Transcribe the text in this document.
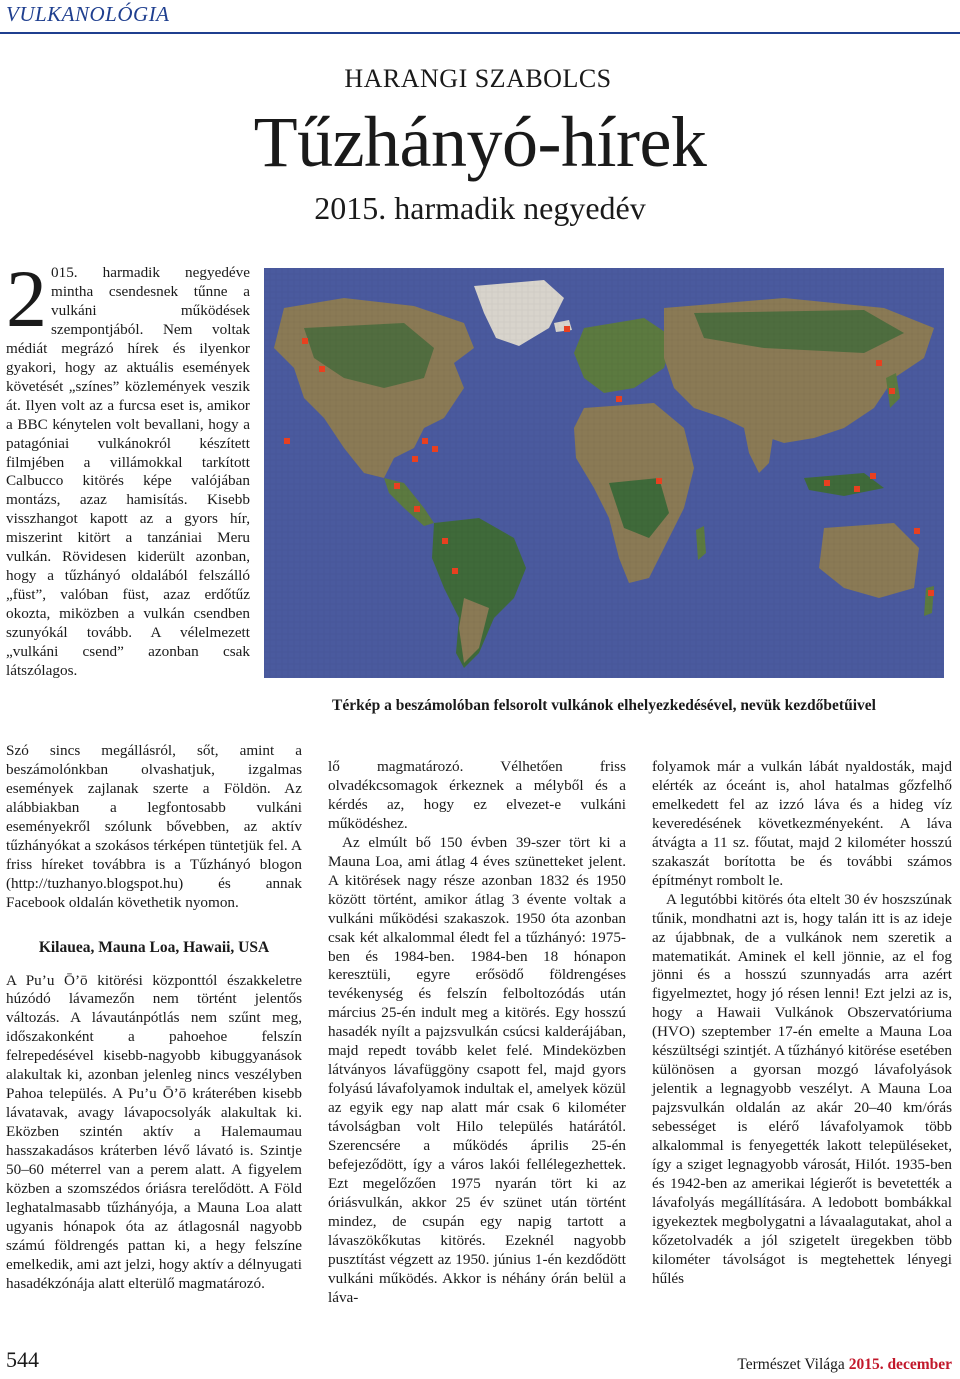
VULKANOLÓGIA
HARANGI SZABOLCS
Tűzhányó-hírek
2015. harmadik negyedév
2 015. harmadik negyedéve mintha csendesnek tűnne a vulkáni működések szempontjából. Nem voltak médiát megrázó hírek és ilyenkor gyakori, hogy az aktuális események követését „színes” közlemények veszik át. Ilyen volt az a furcsa eset is, amikor a BBC kénytelen volt bevallani, hogy a patagóniai vulkánokról készített filmjében a villámokkal tarkított Calbucco kitörés képe valójában montázs, azaz hamisítás. Kisebb visszhangot kapott az a gyors hír, miszerint kitört a tanzániai Meru vulkán. Rövidesen kiderült azonban, hogy a tűzhányó oldalából felszálló „füst”, valóban füst, azaz erdőtűz okozta, miközben a vulkán csendben szunyókál tovább. A vélelmezett „vulkáni csend” azonban csak látszólagos.
Térkép a beszámolóban felsorolt vulkánok elhelyezkedésével, nevük kezdőbetűivel

Szó sincs megállásról, sőt, amint a beszámolónkban olvashatjuk, izgalmas események zajlanak szerte a Földön. Az alábbiakban a legfontosabb vulkáni eseményekről szólunk bővebben, az aktív tűzhányókat a szokásos térképen tüntetjük fel. A friss híreket továbbra is a Tűzhányó blogon (http://tuzhanyo.blogspot.hu) és annak Facebook oldalán követhetik nyomon.

Kilauea, Mauna Loa, Hawaii, USA

A Pu’u Ō’ō kitörési központtól északkeletre húzódó lávamezőn nem történt jelentős változás. A lávautánpótlás nem szűnt meg, időszakonként a pahoehoe felszín felrepedésével kisebb-nagyobb kibuggyanások alakultak ki, azonban jelenleg nincs veszélyben Pahoa település. A Pu’u Ō’ō kráterében kisebb lávatavak, avagy lávapocsolyák alakultak ki. Eközben szintén aktív a Halemaumau hasszakadásos kráterben lévő lávató is. Szintje 50–60 méterrel van a perem alatt. A figyelem közben a szomszédos óriásra terelődött. A Föld leghatalmasabb tűzhányója, a Mauna Loa alatt ugyanis hónapok óta az átlagosnál nagyobb számú földrengés pattan ki, a hegy felszíne emelkedik, ami azt jelzi, hogy aktív a délnyugati hasadékzónája alatt elterülő magmatározó.

lő magmatározó. Vélhetően friss olvadékcsomagok érkeznek a mélyből és a kérdés az, hogy ez elvezet-e vulkáni működéshez.

Az elmúlt bő 150 évben 39-szer tört ki a Mauna Loa, ami átlag 4 éves szünetteket jelent. A kitörések nagy része azonban 1832 és 1950 között történt, amikor átlag 3 évente voltak a vulkáni működési szakaszok. 1950 óta azonban csak két alkalommal éledt fel a tűzhányó: 1975-ben és 1984-ben. 1984-ben 18 hónapon keresztüli, egyre erősödő földrengéses tevékenység és felszín felboltozódás után március 25-én indult meg a kitörés. Egy hosszú hasadék nyílt a pajzsvulkán csúcsi kalderájában, majd repedt tovább kelet felé. Mindeközben látványos lávafüggöny csapott fel, majd gyors folyású lávafolyamok indultak el, amelyek közül az egyik egy nap alatt már csak 6 kilométer távolságban volt Hilo település határától. Szerencsére a működés április 25-én befejeződött, így a város lakói fellélegezhettek. Ezt megelőzően 1975 nyarán tört ki az óriásvulkán, akkor 25 év szünet után történt mindez, de csupán egy napig tartott a lávaszökőkutas kitörés. Ezeknél nagyobb pusztítást végzett az 1950. június 1-én kezdődött vulkáni működés. Akkor is néhány órán belül a láva-

folyamok már a vulkán lábát nyaldosták, majd elérték az óceánt is, ahol hatalmas gőzfelhő emelkedett fel az izzó láva és a hideg víz keveredésének következményeként. A láva átvágta a 11 sz. főutat, majd 2 kilométer hosszú szakaszát borította be és további számos építményt rombolt le.

A legutóbbi kitörés óta eltelt 30 év hoszszúnak tűnik, mondhatni azt is, hogy talán itt is az ideje az újabbnak, de a vulkánok nem szeretik a matematikát. Aminek el kell jönnie, az el fog jönni és a hosszú szunnyadás arra azért figyelmeztet, hogy jó résen lenni! Ezt jelzi az is, hogy a Hawaii Vulkánok Obszervatóriuma (HVO) szeptember 17-én emelte a Mauna Loa készültségi szintjét. A tűzhányó kitörése esetében különösen a gyorsan mozgó lávafolyások jelentik a legnagyobb veszélyt. A Mauna Loa pajzsvulkán oldalán az akár 20–40 km/órás sebességet is elérő lávafolyamok több alkalommal is fenyegették lakott településeket, így a sziget legnagyobb városát, Hilót. 1935-ben és 1942-ben az amerikai légierőt is bevetették a lávafolyás megállítására. A ledobott bombákkal igyekeztek megbolygatni a lávaalagutakat, ahol a kőzetolvadék a jól szigetelt üregekben több kilométer távolságot is megtehettek lényegi hűlés

544	Természet Világa 2015. december
